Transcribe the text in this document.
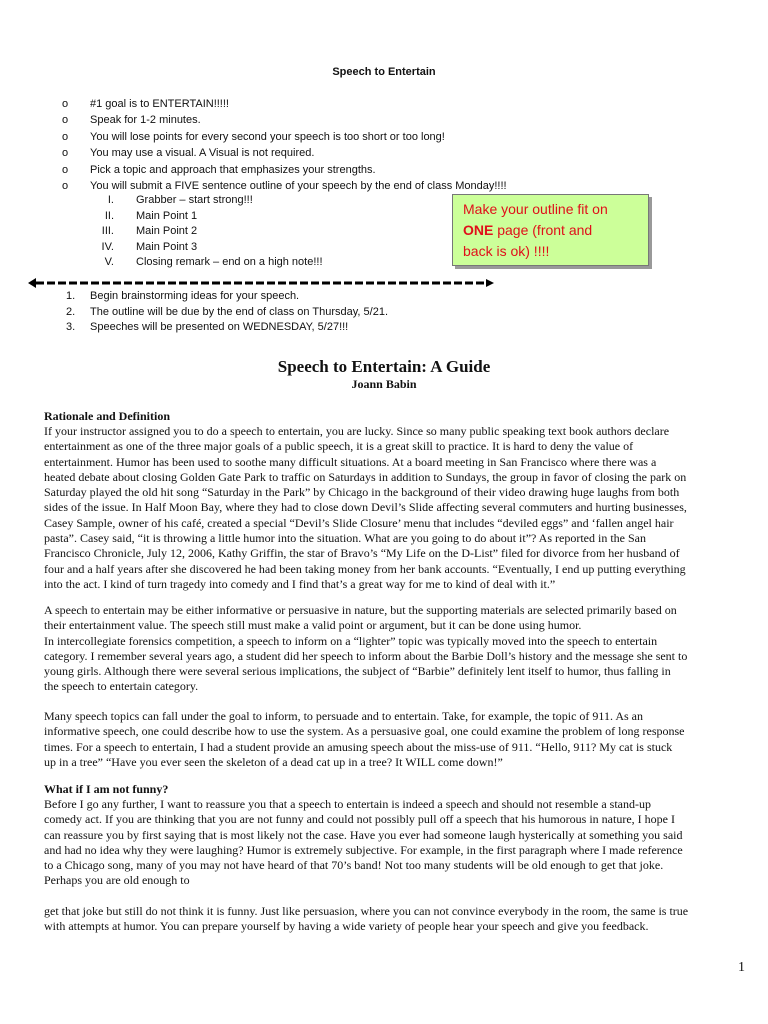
Speech to Entertain
o #1 goal is to ENTERTAIN!!!!!
o Speak for 1-2 minutes.
o You will lose points for every second your speech is too short or too long!
o You may use a visual. A Visual is not required.
o Pick a topic and approach that emphasizes your strengths.
o You will submit a FIVE sentence outline of your speech by the end of class Monday!!!!
I. Grabber – start strong!!!
II. Main Point 1
III. Main Point 2
IV. Main Point 3
V. Closing remark – end on a high note!!!
Make your outline fit on
ONE page (front and
back is ok) !!!!
1. Begin brainstorming ideas for your speech.
2. The outline will be due by the end of class on Thursday, 5/21.
3. Speeches will be presented on WEDNESDAY, 5/27!!!
Speech to Entertain: A Guide
Joann Babin
Rationale and Definition

If your instructor assigned you to do a speech to entertain, you are lucky. Since so many public speaking text book authors declare
entertainment as one of the three major goals of a public speech, it is a great skill to practice. It is hard to deny the value of
entertainment. Humor has been used to soothe many difficult situations. At a board meeting in San Francisco where there was a
heated debate about closing Golden Gate Park to traffic on Saturdays in addition to Sundays, the group in favor of closing the park on
Saturday played the old hit song “Saturday in the Park” by Chicago in the background of their video drawing huge laughs from both
sides of the issue. In Half Moon Bay, where they had to close down Devil’s Slide affecting several commuters and hurting businesses,
Casey Sample, owner of his café, created a special “Devil’s Slide Closure’ menu that includes “deviled eggs” and ‘fallen angel hair
pasta”. Casey said, “it is throwing a little humor into the situation. What are you going to do about it”? As reported in the San
Francisco Chronicle, July 12, 2006, Kathy Griffin, the star of Bravo’s “My Life on the D-List” filed for divorce from her husband of
four and a half years after she discovered he had been taking money from her bank accounts. “Eventually, I end up putting everything
into the act. I kind of turn tragedy into comedy and I find that’s a great way for me to kind of deal with it.”

A speech to entertain may be either informative or persuasive in nature, but the supporting materials are selected primarily based on
their entertainment value. The speech still must make a valid point or argument, but it can be done using humor.
In intercollegiate forensics competition, a speech to inform on a “lighter” topic was typically moved into the speech to entertain
category. I remember several years ago, a student did her speech to inform about the Barbie Doll’s history and the message she sent to
young girls. Although there were several serious implications, the subject of “Barbie” definitely lent itself to humor, thus falling in
the speech to entertain category.

Many speech topics can fall under the goal to inform, to persuade and to entertain. Take, for example, the topic of 911. As an
informative speech, one could describe how to use the system. As a persuasive goal, one could examine the problem of long response
times. For a speech to entertain, I had a student provide an amusing speech about the miss-use of 911. “Hello, 911? My cat is stuck
up in a tree” “Have you ever seen the skeleton of a dead cat up in a tree? It WILL come down!”

What if I am not funny?

Before I go any further, I want to reassure you that a speech to entertain is indeed a speech and should not resemble a stand-up
comedy act. If you are thinking that you are not funny and could not possibly pull off a speech that his humorous in nature, I hope I
can reassure you by first saying that is most likely not the case. Have you ever had someone laugh hysterically at something you said
and had no idea why they were laughing? Humor is extremely subjective. For example, in the first paragraph where I made reference
to a Chicago song, many of you may not have heard of that 70’s band! Not too many students will be old enough to get that joke.
Perhaps you are old enough to

get that joke but still do not think it is funny. Just like persuasion, where you can not convince everybody in the room, the same is true
with attempts at humor. You can prepare yourself by having a wide variety of people hear your speech and give you feedback.

1
